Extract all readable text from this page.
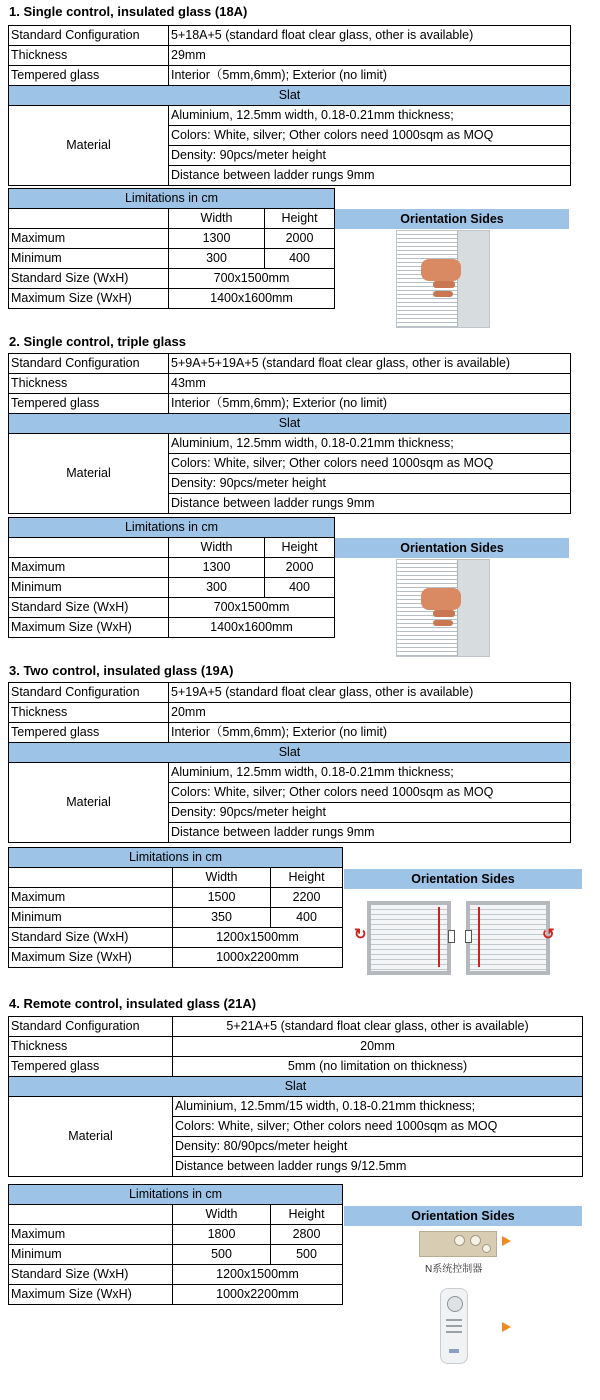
1. Single control, insulated glass (18A)
Standard Configuration	5+18A+5 (standard float clear glass, other is available)
Thickness	29mm
Tempered glass	Interior（5mm,6mm); Exterior (no limit)
Slat	
Material	Aluminium, 12.5mm width, 0.18-0.21mm thickness;
	Colors: White, silver; Other colors need 1000sqm as MOQ
	Density: 90pcs/meter height
	Distance between ladder rungs 9mm
Limitations in cm		
	Width	Height
Maximum	1300	2000
Minimum	300	400
Standard Size (WxH)	700x1500mm	
Maximum Size (WxH)	1400x1600mm	
Orientation Sides
2. Single control, triple glass
Standard Configuration	5+9A+5+19A+5 (standard float clear glass, other is available)
Thickness	43mm
Tempered glass	Interior（5mm,6mm); Exterior (no limit)
Slat	
Material	Aluminium, 12.5mm width, 0.18-0.21mm thickness;
	Colors: White, silver; Other colors need 1000sqm as MOQ
	Density: 90pcs/meter height
	Distance between ladder rungs 9mm
Limitations in cm		
	Width	Height
Maximum	1300	2000
Minimum	300	400
Standard Size (WxH)	700x1500mm	
Maximum Size (WxH)	1400x1600mm	
Orientation Sides
3. Two control, insulated glass (19A)
Standard Configuration	5+19A+5 (standard float clear glass, other is available)
Thickness	20mm
Tempered glass	Interior（5mm,6mm); Exterior (no limit)
Slat	
Material	Aluminium, 12.5mm width, 0.18-0.21mm thickness;
	Colors: White, silver; Other colors need 1000sqm as MOQ
	Density: 90pcs/meter height
	Distance between ladder rungs 9mm
Limitations in cm		
	Width	Height
Maximum	1500	2200
Minimum	350	400
Standard Size (WxH)	1200x1500mm	
Maximum Size (WxH)	1000x2200mm	
Orientation Sides
↻	↺
4. Remote control, insulated glass (21A)
Standard Configuration	5+21A+5 (standard float clear glass, other is available)
Thickness	20mm
Tempered glass	5mm (no limitation on thickness)
Slat	
Material	Aluminium, 12.5mm/15 width, 0.18-0.21mm thickness;
	Colors: White, silver; Other colors need 1000sqm as MOQ
	Density: 80/90pcs/meter height
	Distance between ladder rungs 9/12.5mm
Limitations in cm		
	Width	Height
Maximum	1800	2800
Minimum	500	500
Standard Size (WxH)	1200x1500mm	
Maximum Size (WxH)	1000x2200mm	
Orientation Sides
N系统控制器
